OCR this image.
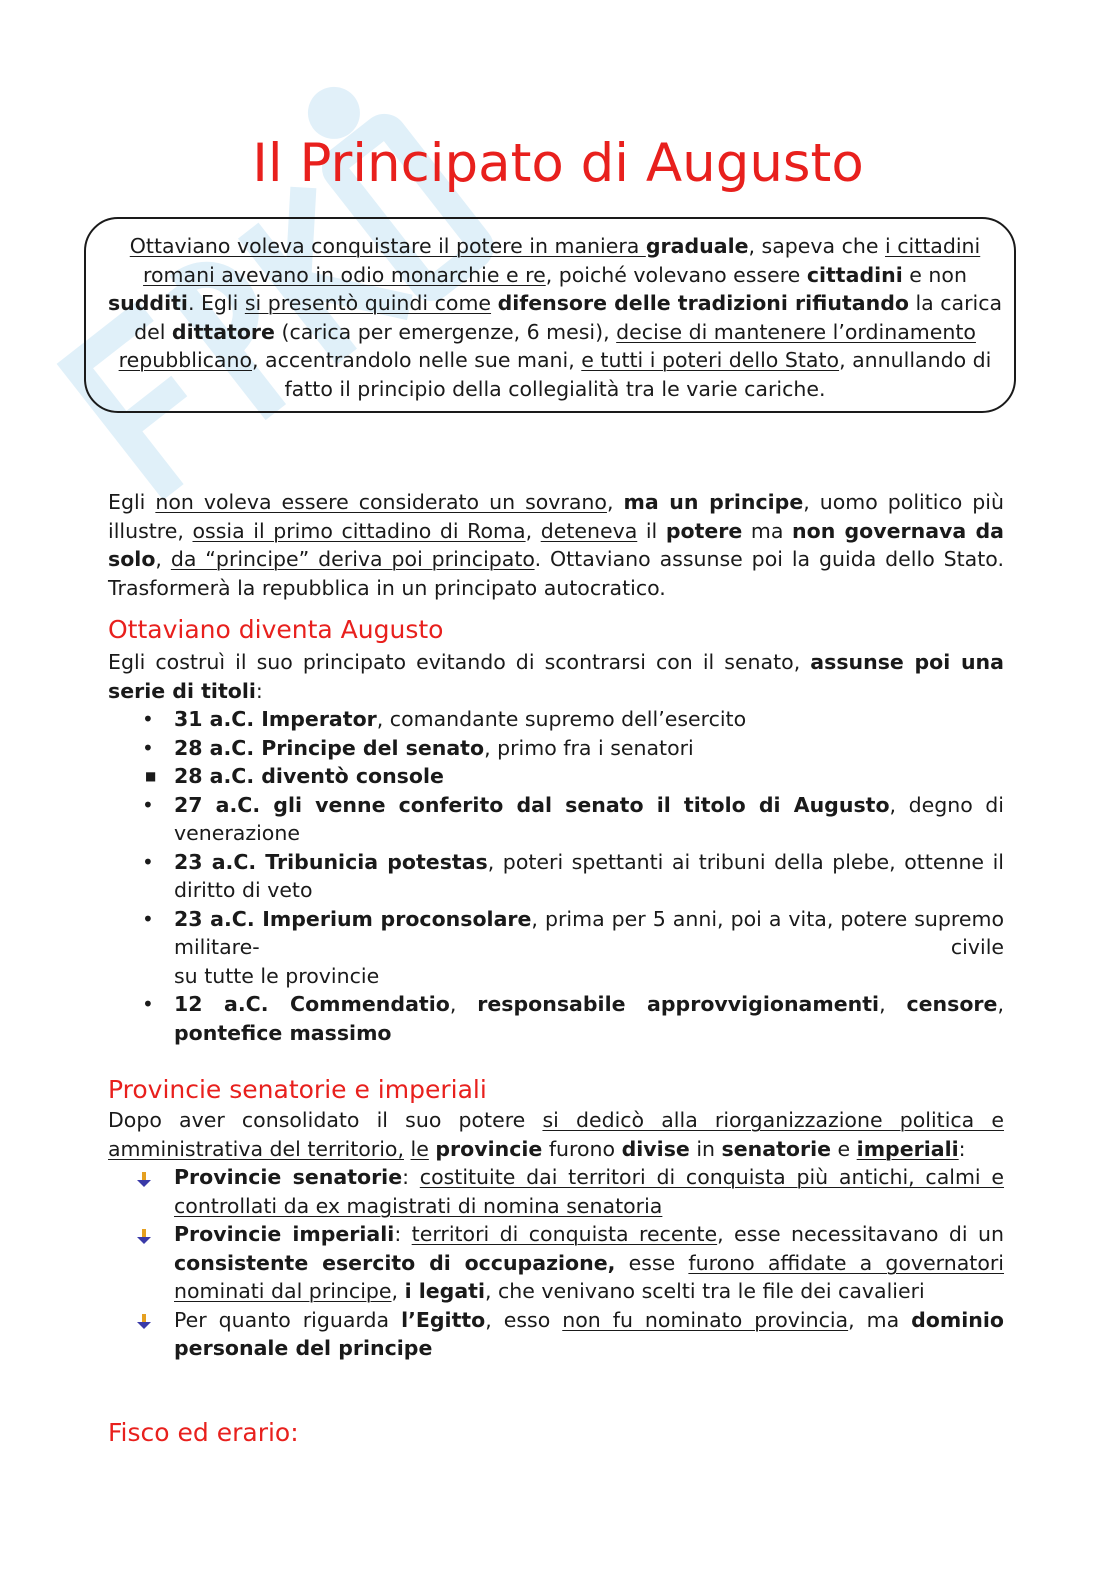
Il Principato di Augusto
Ottaviano voleva conquistare il potere in maniera graduale, sapeva che i cittadini romani avevano in odio monarchie e re, poiché volevano essere cittadini e non sudditi. Egli si presentò quindi come difensore delle tradizioni rifiutando la carica del dittatore (carica per emergenze, 6 mesi), decise di mantenere l’ordinamento repubblicano, accentrandolo nelle sue mani, e tutti i poteri dello Stato, annullando di fatto il principio della collegialità tra le varie cariche.
Egli non voleva essere considerato un sovrano, ma un principe, uomo politico più illustre, ossia il primo cittadino di Roma, deteneva il potere ma non governava da solo, da “principe” deriva poi principato. Ottaviano assunse poi la guida dello Stato. Trasformerà la repubblica in un principato autocratico.
Ottaviano diventa Augusto
Egli costruì il suo principato evitando di scontrarsi con il senato, assunse poi una serie di titoli:
• 31 a.C. Imperator, comandante supremo dell’esercito
• 28 a.C. Principe del senato, primo fra i senatori
■ 28 a.C. diventò console
• 27 a.C. gli venne conferito dal senato il titolo di Augusto, degno di venerazione
• 23 a.C. Tribunicia potestas, poteri spettanti ai tribuni della plebe, ottenne il diritto di veto
• 23 a.C. Imperium proconsolare, prima per 5 anni, poi a vita, potere supremo militare- civile
su tutte le provincie
• 12 a.C. Commendatio, responsabile approvvigionamenti, censore, pontefice massimo
Provincie senatorie e imperiali
Dopo aver consolidato il suo potere si dedicò alla riorganizzazione politica e amministrativa del territorio, le provincie furono divise in senatorie e imperiali:
Provincie senatorie: costituite dai territori di conquista più antichi, calmi e controllati da ex magistrati di nomina senatoria
Provincie imperiali: territori di conquista recente, esse necessitavano di un consistente esercito di occupazione, esse furono affidate a governatori nominati dal principe, i legati, che venivano scelti tra le file dei cavalieri
Per quanto riguarda l’Egitto, esso non fu nominato provincia, ma dominio personale del principe
Fisco ed erario:
